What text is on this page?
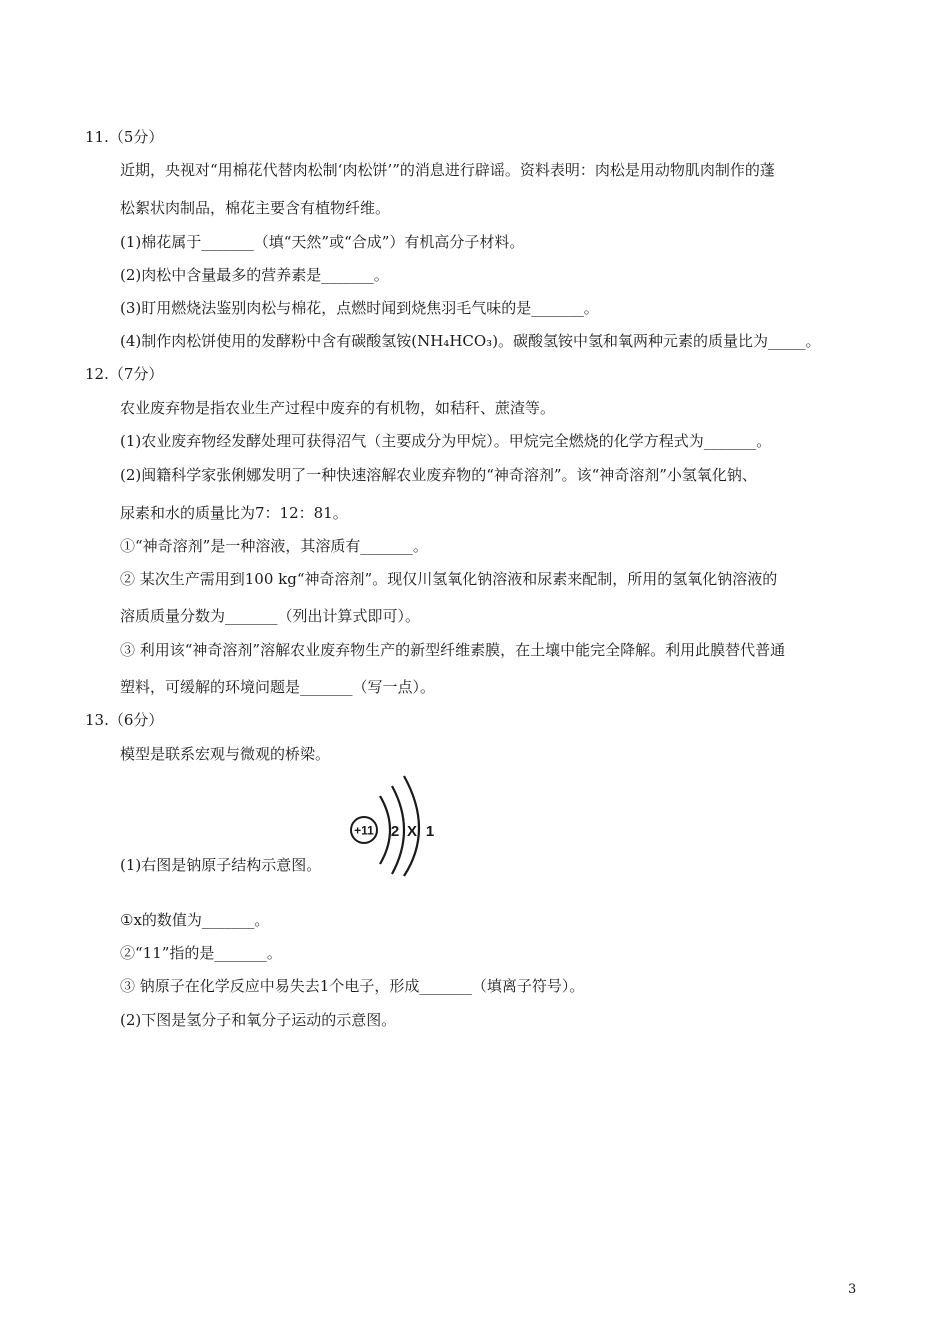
11.（5分）
近期，央视对“用棉花代替肉松制‘肉松饼’”的消息进行辟谣。资料表明：肉松是用动物肌肉制作的蓬
松絮状肉制品，棉花主要含有植物纤维。
(1)棉花属于_______（填“天然”或“合成”）有机高分子材料。
(2)肉松中含量最多的营养素是_______。
(3)盯用燃烧法鉴别肉松与棉花，点燃时闻到烧焦羽毛气味的是_______。
(4)制作肉松饼使用的发酵粉中含有碳酸氢铵(NH₄HCO₃)。碳酸氢铵中氢和氧两种元素的质量比为_____。
12.（7分）
农业废弃物是指农业生产过程中废弃的有机物，如秸秆、蔗渣等。
(1)农业废弃物经发酵处理可获得沼气（主要成分为甲烷）。甲烷完全燃烧的化学方程式为_______。
(2)闽籍科学家张俐娜发明了一种快速溶解农业废弃物的“神奇溶剂”。该“神奇溶剂”小氢氧化钠、
尿素和水的质量比为7：12：81。
①“神奇溶剂”是一种溶液，其溶质有_______。
② 某次生产需用到100 kg“神奇溶剂”。现仅川氢氧化钠溶液和尿素来配制，所用的氢氧化钠溶液的
溶质质量分数为_______（列出计算式即可）。
③ 利用该“神奇溶剂”溶解农业废弃物生产的新型纤维素膜，在土壤中能完全降解。利用此膜替代普通
塑料，可缓解的环境问题是_______（写一点）。
13.（6分）
模型是联系宏观与微观的桥梁。
(1)右图是钠原子结构示意图。
+11 2 X 1
①x的数值为_______。
②“11”指的是_______。
③ 钠原子在化学反应中易失去1个电子，形成_______（填离子符号）。
(2)下图是氢分子和氧分子运动的示意图。
3
